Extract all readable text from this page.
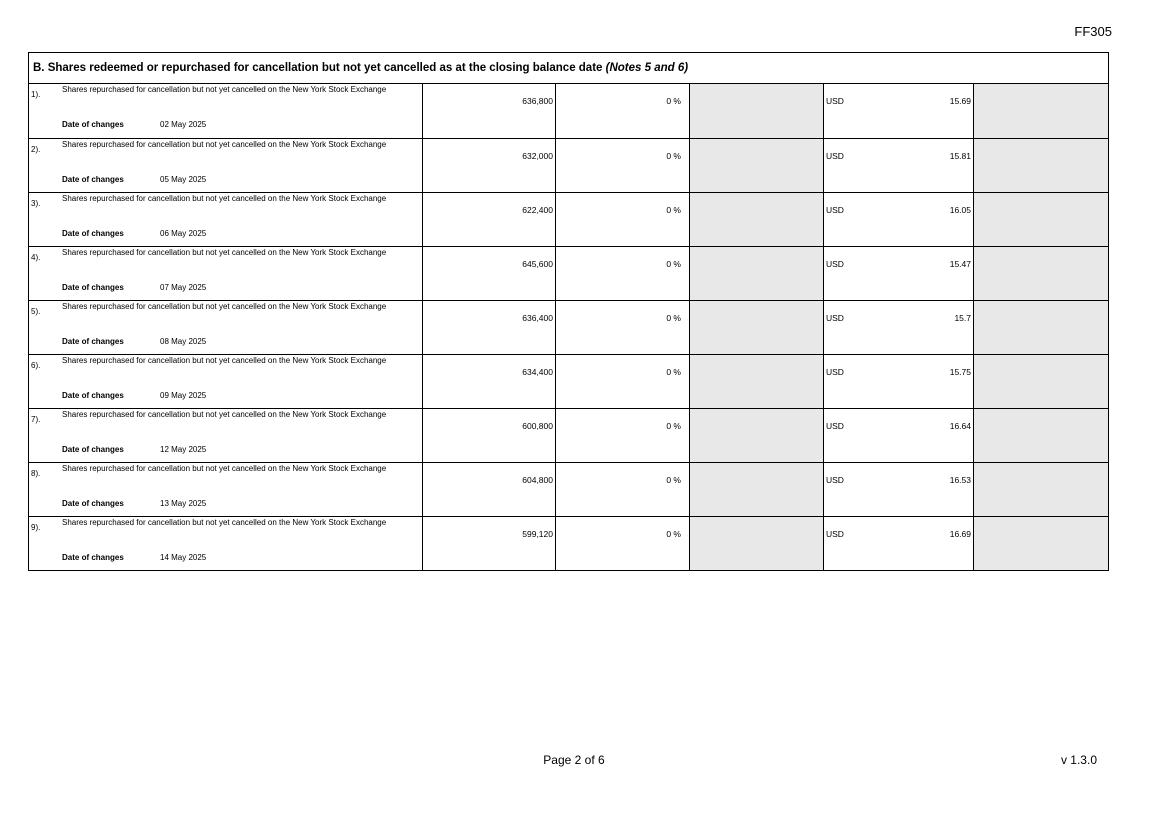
FF305
B. Shares redeemed or repurchased for cancellation but not yet cancelled as at the closing balance date (Notes 5 and 6)
1).
Shares repurchased for cancellation but not yet cancelled on the New York Stock Exchange
Date of changes	02 May 2025
636,800	0 %	USD	15.69
2).
Shares repurchased for cancellation but not yet cancelled on the New York Stock Exchange
Date of changes	05 May 2025
632,000	0 %	USD	15.81
3).
Shares repurchased for cancellation but not yet cancelled on the New York Stock Exchange
Date of changes	06 May 2025
622,400	0 %	USD	16.05
4).
Shares repurchased for cancellation but not yet cancelled on the New York Stock Exchange
Date of changes	07 May 2025
645,600	0 %	USD	15.47
5).
Shares repurchased for cancellation but not yet cancelled on the New York Stock Exchange
Date of changes	08 May 2025
636,400	0 %	USD	15.7
6).
Shares repurchased for cancellation but not yet cancelled on the New York Stock Exchange
Date of changes	09 May 2025
634,400	0 %	USD	15.75
7).
Shares repurchased for cancellation but not yet cancelled on the New York Stock Exchange
Date of changes	12 May 2025
600,800	0 %	USD	16.64
8).
Shares repurchased for cancellation but not yet cancelled on the New York Stock Exchange
Date of changes	13 May 2025
604,800	0 %	USD	16.53
9).
Shares repurchased for cancellation but not yet cancelled on the New York Stock Exchange
Date of changes	14 May 2025
599,120	0 %	USD	16.69
Page 2 of 6	v 1.3.0
